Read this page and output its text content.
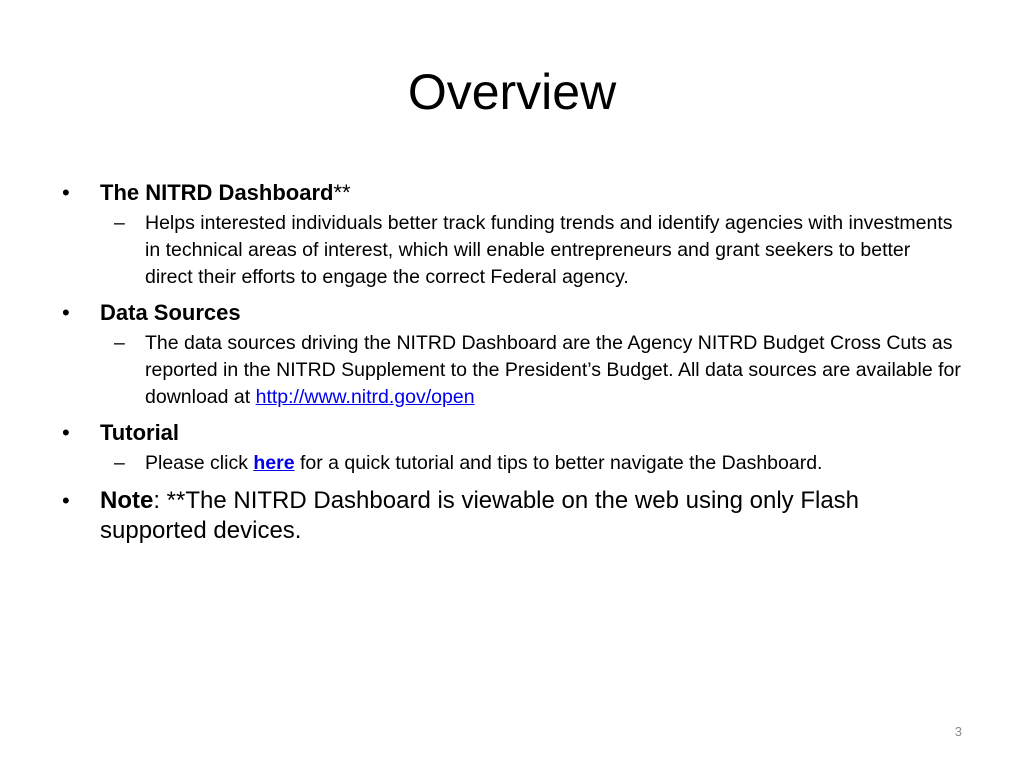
Overview
•	The NITRD Dashboard**
– Helps interested individuals better track funding trends and identify agencies with investments in technical areas of interest, which will enable entrepreneurs and grant seekers to better direct their efforts to engage the correct Federal agency.
•	Data Sources
– The data sources driving the NITRD Dashboard are the Agency NITRD Budget Cross Cuts as reported in the NITRD Supplement to the President’s Budget. All data sources are available for download at http://www.nitrd.gov/open
•	Tutorial
– Please click here for a quick tutorial and tips to better navigate the Dashboard.
•	Note: **The NITRD Dashboard is viewable on the web using only Flash supported devices.
3
